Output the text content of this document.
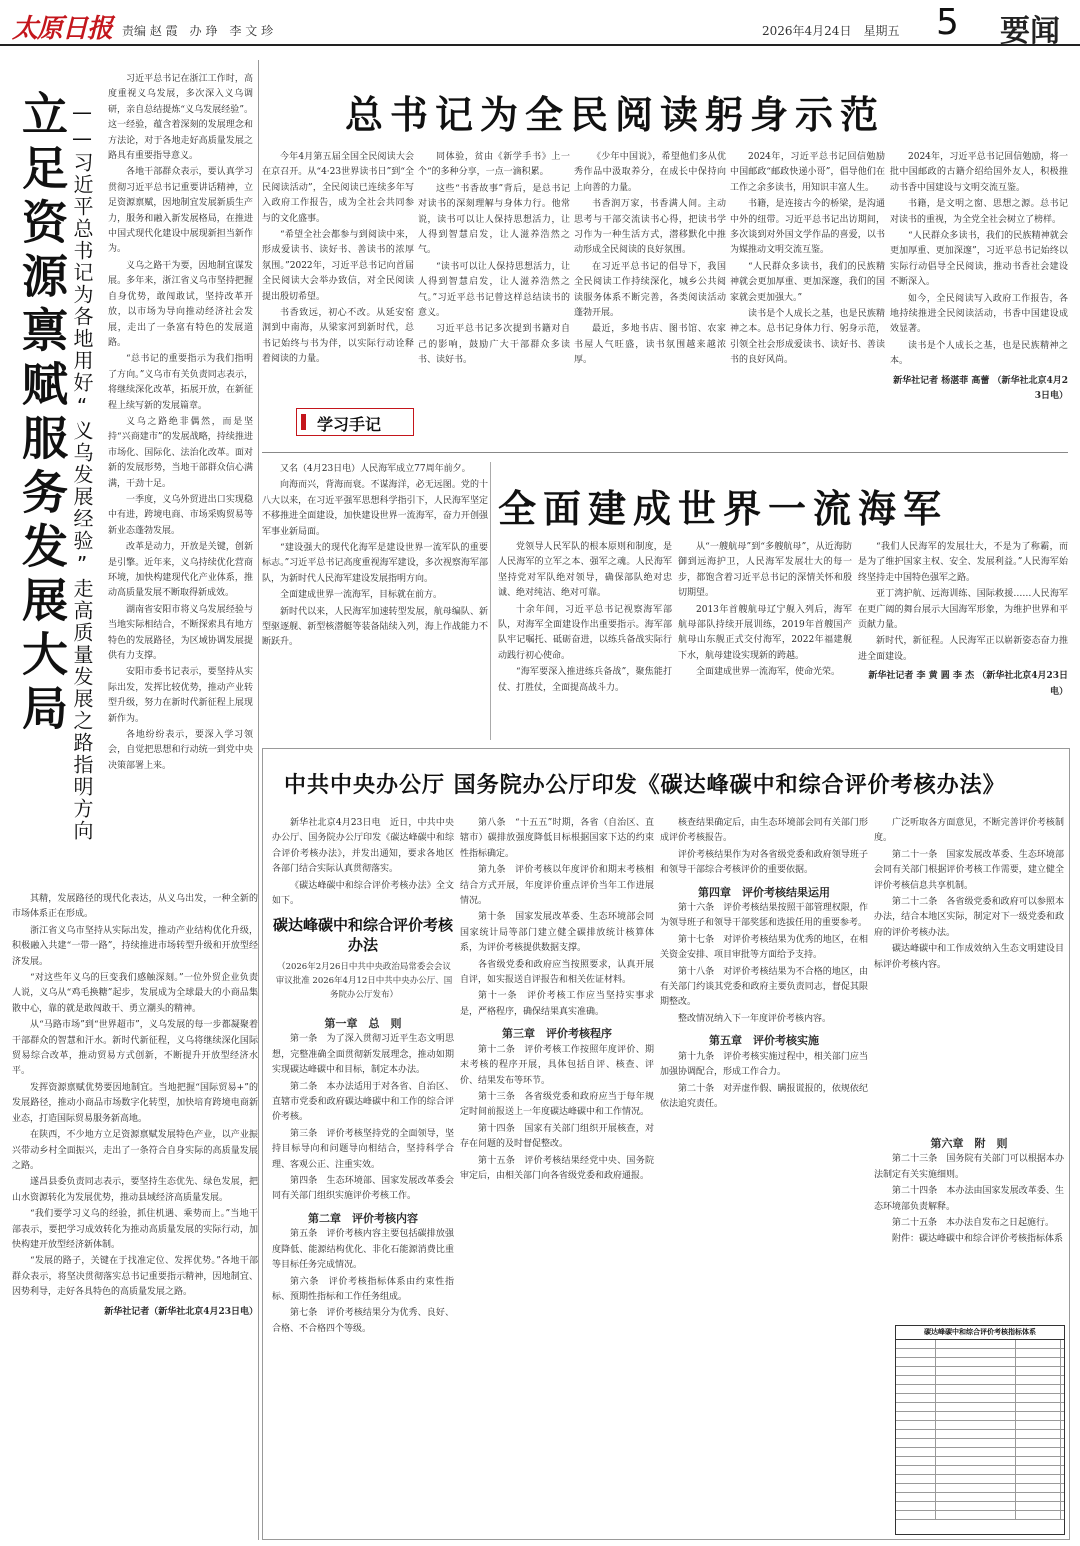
太原日报 责编 赵 霞　办 琤　李 文 珍	2026年4月24日　星期五 5 要闻
立足资源禀赋服务发展大局 ——习近平总书记为各地用好“义乌发展经验”走高质量发展之路指明方向

习近平总书记在浙江工作时，高度重视义乌发展，多次深入义乌调研，亲自总结提炼“义乌发展经验”。这一经验，蕴含着深刻的发展理念和方法论，对于各地走好高质量发展之路具有重要指导意义。

各地干部群众表示，要认真学习贯彻习近平总书记重要讲话精神，立足资源禀赋，因地制宜发展新质生产力，服务和融入新发展格局，在推进中国式现代化建设中展现新担当新作为。

义乌之路干为要，因地制宜谋发展。多年来，浙江省义乌市坚持把握自身优势，敢闯敢试，坚持改革开放，以市场为导向推动经济社会发展，走出了一条富有特色的发展道路。

“总书记的重要指示为我们指明了方向。”义乌市有关负责同志表示，将继续深化改革，拓展开放，在新征程上续写新的发展篇章。

义乌之路绝非偶然，而是坚持“兴商建市”的发展战略，持续推进市场化、国际化、法治化改革。面对新的发展形势，当地干部群众信心满满，干劲十足。

一季度，义乌外贸进出口实现稳中有进，跨境电商、市场采购贸易等新业态蓬勃发展。

改革是动力，开放是关键，创新是引擎。近年来，义乌持续优化营商环境，加快构建现代化产业体系，推动高质量发展不断取得新成效。

湖南省安阳市将义乌发展经验与当地实际相结合，不断探索具有地方特色的发展路径，为区域协调发展提供有力支撑。

安阳市委书记表示，要坚持从实际出发，发挥比较优势，推动产业转型升级，努力在新时代新征程上展现新作为。

各地纷纷表示，要深入学习领会，自觉把思想和行动统一到党中央决策部署上来。

其精，发展路径的现代化表达，从义乌出发，一种全新的市场体系正在形成。

浙江省义乌市坚持从实际出发，推动产业结构优化升级，积极融入共建“一带一路”，持续推进市场转型升级和开放型经济发展。

“对这些年义乌的巨变我们感触深刻。”一位外贸企业负责人说，义乌从“鸡毛换糖”起步，发展成为全球最大的小商品集散中心，靠的就是敢闯敢干、勇立潮头的精神。

从“马路市场”到“世界超市”，义乌发展的每一步都凝聚着干部群众的智慧和汗水。新时代新征程，义乌将继续深化国际贸易综合改革，推动贸易方式创新，不断提升开放型经济水平。

发挥资源禀赋优势要因地制宜。当地把握“国际贸易+”的发展路径，推动小商品市场数字化转型，加快培育跨境电商新业态，打造国际贸易服务新高地。

在陕西，不少地方立足资源禀赋发展特色产业，以产业振兴带动乡村全面振兴，走出了一条符合自身实际的高质量发展之路。

遂昌县委负责同志表示，要坚持生态优先、绿色发展，把山水资源转化为发展优势，推动县域经济高质量发展。

“我们要学习义乌的经验，抓住机遇、乘势而上。”当地干部表示，要把学习成效转化为推动高质量发展的实际行动，加快构建开放型经济新体制。

“发展的路子，关键在于找准定位、发挥优势。”各地干部群众表示，将坚决贯彻落实总书记重要指示精神，因地制宜、因势利导，走好各具特色的高质量发展之路。

新华社记者（新华社北京4月23日电）

总书记为全民阅读躬身示范

今年4月第五届全国全民阅读大会在京召开。从“4·23世界读书日”到“全民阅读活动”，全民阅读已连续多年写入政府工作报告，成为全社会共同参与的文化盛事。

“希望全社会都参与到阅读中来，形成爱读书、读好书、善读书的浓厚氛围。”2022年，习近平总书记向首届全民阅读大会举办致信，对全民阅读提出殷切希望。

书香致远，初心不改。从延安窑洞到中南海，从梁家河到新时代，总书记始终与书为伴，以实际行动诠释着阅读的力量。

同体验，贫由《新学手书》上一个“的多种分享，一点一滴积累。

这些“书香故事”背后，是总书记对读书的深刻理解与身体力行。他常说，读书可以让人保持思想活力，让人得到智慧启发，让人滋养浩然之气。

“读书可以让人保持思想活力，让人得到智慧启发，让人滋养浩然之气。”习近平总书记曾这样总结读书的意义。

习近平总书记多次提到书籍对自己的影响，鼓励广大干部群众多读书、读好书。

《少年中国说》，希望他们多从优秀作品中汲取养分，在成长中保持向上向善的力量。

书香润万家，书香满人间。主动思考与干部交流读书心得，把读书学习作为一种生活方式，潜移默化中推动形成全民阅读的良好氛围。

在习近平总书记的倡导下，我国全民阅读工作持续深化，城乡公共阅读服务体系不断完善，各类阅读活动蓬勃开展。

最近，多地书店、图书馆、农家书屋人气旺盛，读书氛围越来越浓厚。

2024年，习近平总书记回信勉励中国邮政“邮政快递小哥”，倡导他们在工作之余多读书，用知识丰富人生。

书籍，是连接古今的桥梁，是沟通中外的纽带。习近平总书记出访期间，多次谈到对外国文学作品的喜爱，以书为媒推动文明交流互鉴。

“人民群众多读书，我们的民族精神就会更加厚重、更加深邃，我们的国家就会更加强大。”

读书是个人成长之基，也是民族精神之本。总书记身体力行、躬身示范，引领全社会形成爱读书、读好书、善读书的良好风尚。

2024年，习近平总书记回信勉励，将一批中国邮政的古籍介绍给国外友人，积极推动书香中国建设与文明交流互鉴。

书籍，是文明之窗、思想之源。总书记对读书的重视，为全党全社会树立了榜样。

“人民群众多读书，我们的民族精神就会更加厚重、更加深邃”，习近平总书记始终以实际行动倡导全民阅读，推动书香社会建设不断深入。

如今，全民阅读写入政府工作报告，各地持续推进全民阅读活动，书香中国建设成效显著。

读书是个人成长之基，也是民族精神之本。

新华社记者 杨湛菲 高蕾 （新华社北京4月23日电）

学习手记

又名（4月23日电）人民海军成立77周年前夕。

向海而兴，背海而衰。不谋海洋，必无远图。党的十八大以来，在习近平强军思想科学指引下，人民海军坚定不移推进全面建设，加快建设世界一流海军，奋力开创强军事业新局面。

“建设强大的现代化海军是建设世界一流军队的重要标志。”习近平总书记高度重视海军建设，多次视察海军部队，为新时代人民海军建设发展指明方向。

全面建成世界一流海军，目标就在前方。

新时代以来，人民海军加速转型发展，航母编队、新型驱逐舰、新型核潜艇等装备陆续入列，海上作战能力不断跃升。

全面建成世界一流海军

党领导人民军队的根本原则和制度，是人民海军的立军之本、强军之魂。人民海军坚持党对军队绝对领导，确保部队绝对忠诚、绝对纯洁、绝对可靠。

十余年间，习近平总书记视察海军部队，对海军全面建设作出重要指示。海军部队牢记嘱托、砥砺奋进，以练兵备战实际行动践行初心使命。

“海军要深入推进练兵备战”，聚焦能打仗、打胜仗，全面提高战斗力。

从“一艘航母”到“多艘航母”，从近海防御到远海护卫，人民海军发展壮大的每一步，都饱含着习近平总书记的深情关怀和殷切期望。

2013年首艘航母辽宁舰入列后，海军航母部队持续开展训练，2019年首艘国产航母山东舰正式交付海军，2022年福建舰下水，航母建设实现新的跨越。

全面建成世界一流海军，使命光荣。

“我们人民海军的发展壮大，不是为了称霸，而是为了维护国家主权、安全、发展利益。”人民海军始终坚持走中国特色强军之路。

亚丁湾护航、远海训练、国际救援……人民海军在更广阔的舞台展示大国海军形象，为维护世界和平贡献力量。

新时代，新征程。人民海军正以崭新姿态奋力推进全面建设。

新华社记者 李 黄 圆 李 杰 （新华社北京4月23日电）

中共中央办公厅 国务院办公厅印发《碳达峰碳中和综合评价考核办法》

新华社北京4月23日电　近日，中共中央办公厅、国务院办公厅印发《碳达峰碳中和综合评价考核办法》，并发出通知，要求各地区各部门结合实际认真贯彻落实。

《碳达峰碳中和综合评价考核办法》全文如下。

碳达峰碳中和综合评价考核办法
（2026年2月26日中共中央政治局常委会会议审议批准 2026年4月12日中共中央办公厅、国务院办公厅发布）

第一章　总　则

第一条　为了深入贯彻习近平生态文明思想，完整准确全面贯彻新发展理念，推动如期实现碳达峰碳中和目标，制定本办法。

第二条　本办法适用于对各省、自治区、直辖市党委和政府碳达峰碳中和工作的综合评价考核。

第三条　评价考核坚持党的全面领导，坚持目标导向和问题导向相结合，坚持科学合理、客观公正、注重实效。

第四条　生态环境部、国家发展改革委会同有关部门组织实施评价考核工作。

第二章　评价考核内容

第五条　评价考核内容主要包括碳排放强度降低、能源结构优化、非化石能源消费比重等目标任务完成情况。

第六条　评价考核指标体系由约束性指标、预期性指标和工作任务组成。

第七条　评价考核结果分为优秀、良好、合格、不合格四个等级。

第八条　“十五五”时期，各省（自治区、直辖市）碳排放强度降低目标根据国家下达的约束性指标确定。

第九条　评价考核以年度评价和期末考核相结合方式开展，年度评价重点评价当年工作进展情况。

第十条　国家发展改革委、生态环境部会同国家统计局等部门建立健全碳排放统计核算体系，为评价考核提供数据支撑。

各省级党委和政府应当按照要求，认真开展自评，如实报送自评报告和相关佐证材料。

第十一条　评价考核工作应当坚持实事求是，严格程序，确保结果真实准确。

第三章　评价考核程序

第十二条　评价考核工作按照年度评价、期末考核的程序开展，具体包括自评、核查、评价、结果发布等环节。

第十三条　各省级党委和政府应当于每年规定时间前报送上一年度碳达峰碳中和工作情况。

第十四条　国家有关部门组织开展核查，对存在问题的及时督促整改。

第十五条　评价考核结果经党中央、国务院审定后，由相关部门向各省级党委和政府通报。

核查结果确定后，由生态环境部会同有关部门形成评价考核报告。

评价考核结果作为对各省级党委和政府领导班子和领导干部综合考核评价的重要依据。

第四章　评价考核结果运用

第十六条　评价考核结果按照干部管理权限，作为领导班子和领导干部奖惩和选拔任用的重要参考。

第十七条　对评价考核结果为优秀的地区，在相关资金安排、项目审批等方面给予支持。

第十八条　对评价考核结果为不合格的地区，由有关部门约谈其党委和政府主要负责同志，督促其限期整改。

整改情况纳入下一年度评价考核内容。

第五章　评价考核实施

第十九条　评价考核实施过程中，相关部门应当加强协调配合，形成工作合力。

第二十条　对弄虚作假、瞒报谎报的，依规依纪依法追究责任。

广泛听取各方面意见，不断完善评价考核制度。

第二十一条　国家发展改革委、生态环境部会同有关部门根据评价考核工作需要，建立健全评价考核信息共享机制。

第二十二条　各省级党委和政府可以参照本办法，结合本地区实际，制定对下一级党委和政府的评价考核办法。

碳达峰碳中和工作成效纳入生态文明建设目标评价考核内容。

第六章　附　则

第二十三条　国务院有关部门可以根据本办法制定有关实施细则。

第二十四条　本办法由国家发展改革委、生态环境部负责解释。

第二十五条　本办法自发布之日起施行。

附件：碳达峰碳中和综合评价考核指标体系

碳达峰碳中和综合评价考核指标体系
